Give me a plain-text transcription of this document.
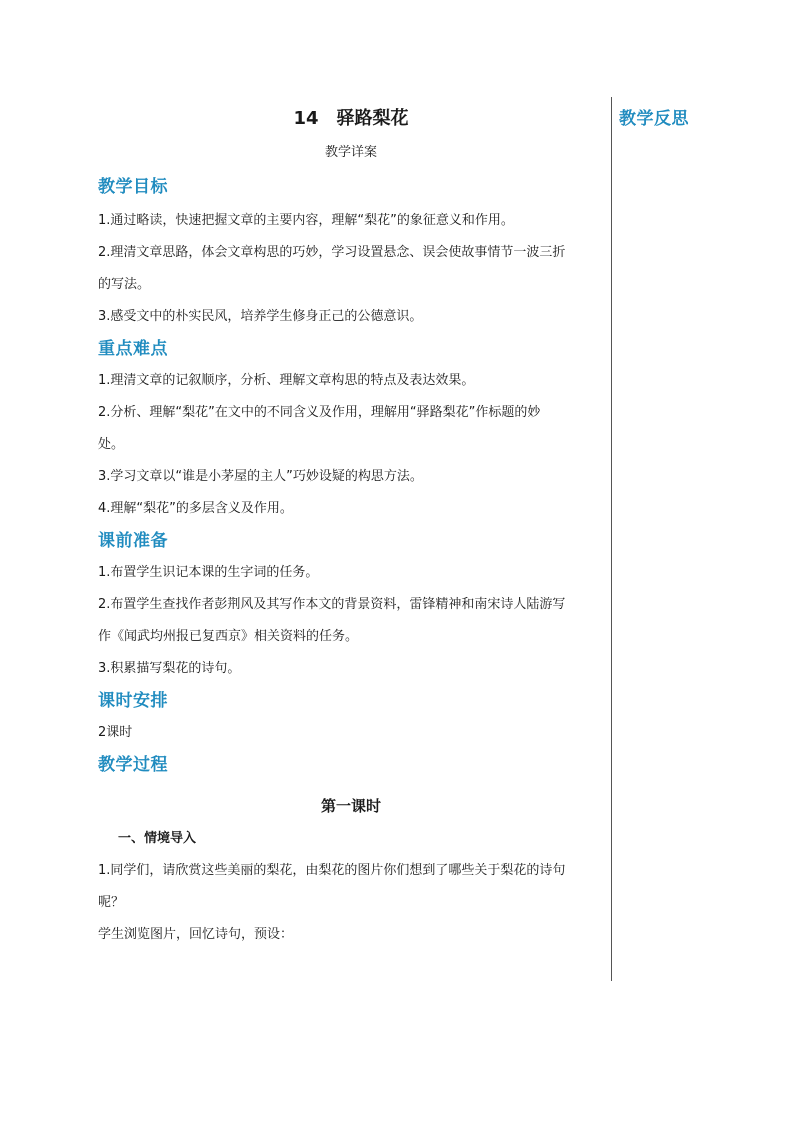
教学反思
14　驿路梨花
教学详案
教学目标
1.通过略读，快速把握文章的主要内容，理解“梨花”的象征意义和作用。
2.理清文章思路，体会文章构思的巧妙，学习设置悬念、误会使故事情节一波三折
的写法。
3.感受文中的朴实民风，培养学生修身正己的公德意识。
重点难点
1.理清文章的记叙顺序，分析、理解文章构思的特点及表达效果。
2.分析、理解“梨花”在文中的不同含义及作用，理解用“驿路梨花”作标题的妙
处。
3.学习文章以“谁是小茅屋的主人”巧妙设疑的构思方法。
4.理解“梨花”的多层含义及作用。
课前准备
1.布置学生识记本课的生字词的任务。
2.布置学生查找作者彭荆风及其写作本文的背景资料，雷锋精神和南宋诗人陆游写
作《闻武均州报已复西京》相关资料的任务。
3.积累描写梨花的诗句。
课时安排
2课时
教学过程
第一课时
一、情境导入
1.同学们，请欣赏这些美丽的梨花，由梨花的图片你们想到了哪些关于梨花的诗句
呢？
学生浏览图片，回忆诗句，预设：
